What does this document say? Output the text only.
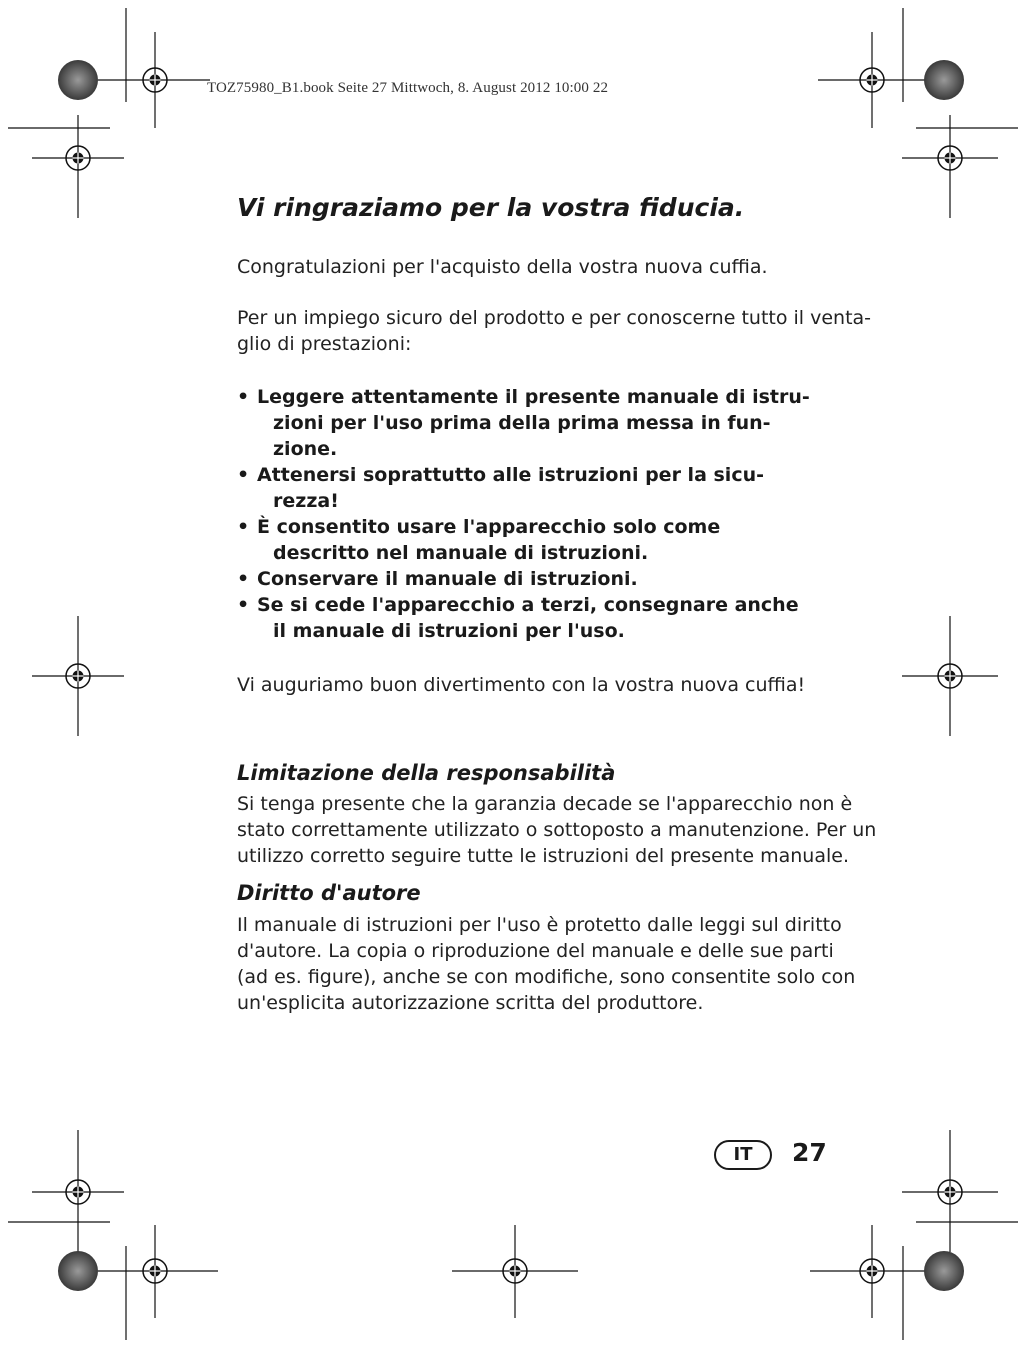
TOZ75980_B1.book Seite 27 Mittwoch, 8. August 2012 10:00 22
Vi ringraziamo per la vostra fiducia.

Congratulazioni per l'acquisto della vostra nuova cuffia.

Per un impiego sicuro del prodotto e per conoscerne tutto il venta-
glio di prestazioni:

• Leggere attentamente il presente manuale di istru-
zioni per l'uso prima della prima messa in fun-
zione.
• Attenersi soprattutto alle istruzioni per la sicu-
rezza!
• È consentito usare l'apparecchio solo come
descritto nel manuale di istruzioni.
• Conservare il manuale di istruzioni.
• Se si cede l'apparecchio a terzi, consegnare anche
il manuale di istruzioni per l'uso.

Vi auguriamo buon divertimento con la vostra nuova cuffia!

Limitazione della responsabilità

Si tenga presente che la garanzia decade se l'apparecchio non è
stato correttamente utilizzato o sottoposto a manutenzione. Per un
utilizzo corretto seguire tutte le istruzioni del presente manuale.

Diritto d'autore

Il manuale di istruzioni per l'uso è protetto dalle leggi sul diritto
d'autore. La copia o riproduzione del manuale e delle sue parti
(ad es. figure), anche se con modifiche, sono consentite solo con
un'esplicita autorizzazione scritta del produttore.

IT	27
